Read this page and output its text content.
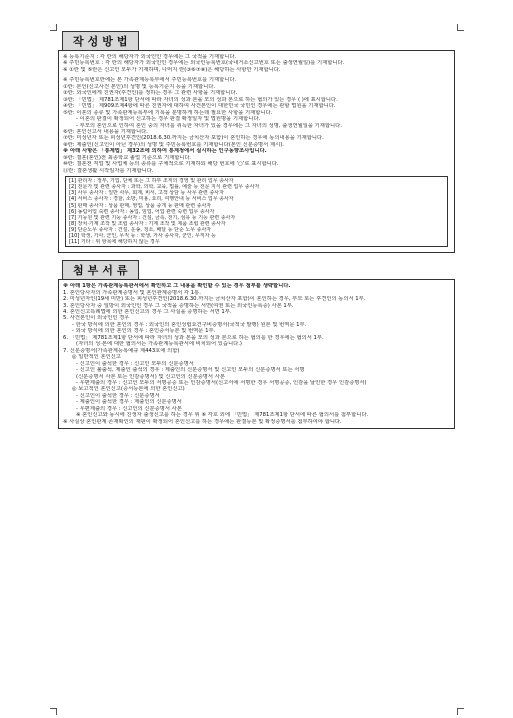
작성방법
※ 등록기준지 : 각 란의 해당자가 외국인인 경우에는 그 국적을 기재합니다.
※ 주민등록번호 : 각 란의 해당자가 외국인인 경우에는 외국인등록번호(국내거소신고번호 또는 출생연월일)를 기재합니다.
※ ①란 및 ⑤란은 신고인 모두가 기재하며, 나머지 란(③⑥⑦⑧)은 해당하는 사항만 기재합니다.
※ 주민등록번호란에는 본 가족관계등록부에서 주민등록번호를 기재합니다.
①란: 본인(신고사건 본인)의 성명 및 등록기준지 등을 기재합니다.
②란: 외국인에게 친권자(후견인)를 정하는 경우 그 관련 사항을 기재합니다.
③란: 「민법」 제781조제1항 단서에 따라 자녀의 성과 본을 모의 성과 본으로 하는 협의가 있는 경우 ( )에 표시합니다.
④란: 「민법」 제909조제4항에 따른 친권자에 대하여 사건본인이 대한민국 국민인 경우에는 관할 법원을 기재합니다.
⑤란: 이혼의 종류 및 가족관계등록부에 기록을 분명하게 하는데 필요한 사항을 기재합니다.
- 이혼의 판결이 확정되어 신고하는 경우 판결 확정일자 및 법원명을 기재합니다.
- 부모의 혼인으로 인하여 혼인 중의 자녀를 취득한 자녀가 있을 경우에는 그 자녀의 성명, 출생연월일을 기재합니다.
⑥란: 혼인신고서 내용을 기재합니다.
⑦란: 미성년자 또는 피성년후견인(2018.6.30.까지는 금치산자 포함)이 혼인하는 경우에 동의내용을 기재합니다.
⑧란: 제출인(신고인이 아닌 경우)의 성명 및 주민등록번호를 기재합니다(본인 신분증명서 제시).
※ 아래 사항은 「통계법」 제32조에 의하여 통계청에서 실시하는 인구동향조사입니다.
⑨란: 결혼(혼인)전 최종학교 졸업 기준으로 기재합니다.
⑩란: 결혼전 직업 및 사업체 등의 종류를 구체적으로 기재하되 해당 번호에 ‘○’로 표시합니다.
⑪란: 결혼생활 시작일자를 기재합니다.
[1] 관리자 : 정부, 기업, 단체 또는 그 하부 조직의 경영 및 관리 업무 종사자
[2] 전문가 및 관련 종사자 : 과학, 의학, 교육, 법률, 예술 등 전문 지식 관련 업무 종사자
[3] 사무 종사자 : 일반 사무, 회계, 비서, 고객 상담 등 사무 관련 종사자
[4] 서비스 종사자 : 경찰, 소방, 미용, 요리, 여행안내 등 서비스 업무 종사자
[5] 판매 종사자 : 상품 판매, 영업, 상품 중개 등 판매 관련 종사자
[6] 농림어업 숙련 종사자 : 농업, 임업, 어업 관련 숙련 업무 종사자
[7] 기능원 및 관련 기능 종사자 : 건설, 금속, 전기, 섬유 등 기능 관련 종사자
[8] 장치·기계 조작 및 조립 종사자 : 기계 조작 및 제품 조립 관련 종사자
[9] 단순노무 종사자 : 건설, 운송, 청소, 배달 등 단순 노무 종사자
[10] 학생, 가사, 군인, 무직 등 : 학생, 가사 종사자, 군인, 무직자 등
[11] 기타 : 위 항목에 해당하지 않는 경우
첨부서류
※ 아래 1항은 가족관계등록관서에서 확인하고 그 내용을 확인할 수 있는 경우 첨부를 생략합니다.
1. 혼인당사자의 가족관계증명서 및 혼인관계증명서 각 1통.
2. 미성년자인(19세 미만) 또는 피성년후견인(2018.6.30.까지는 금치산자 포함)이 혼인하는 경우, 부모 또는 후견인의 동의서 1부.
3. 혼인당사자 중 일방이 외국인인 경우 그 국적을 증명하는 서면(여권 또는 외국인등록증) 사본 1부.
4. 혼인신고특례법에 의한 혼인신고의 경우 그 사실을 증명하는 서면 1부.
5. 사건본인이 외국인인 경우
- 한국 방식에 의한 혼인의 경우 : 외국인의 혼인성립요건구비증명서(국적국 발행) 원본 및 번역문 1부.
- 외국 방식에 의한 혼인의 경우 : 혼인증서등본 및 번역문 1부.
6. 「민법」 제781조제1항 단서에 따라 자녀의 성과 본을 모의 성과 본으로 하는 협의를 한 경우에는 협의서 1부.
(자녀의 성·본에 대한 협의서는 가족관계등록관서에 비치되어 있습니다.)
7. 신분증명서(가족관계등록예규 제443호에 의함)
◎ 일반적인 혼인신고
- 신고인이 출석한 경우 : 신고인 모두의 신분증명서
- 신고인 불출석, 제출인 출석의 경우 : 제출인의 신분증명서 및 신고인 모두의 신분증명서 또는 서명
(신분증명서 사본 또는 인감증명서) 및 신고인의 신분증명서 사본
- 우편제출의 경우 : 신고인 모두의 서명공증 또는 인감증명서(신고서에 서명한 경우 서명공증, 인감을 날인한 경우 인감증명서)
◎ 보고적인 혼인신고(증서등본에 의한 혼인신고)
- 신고인이 출석한 경우 : 신분증명서
- 제출인이 출석한 경우 : 제출인의 신분증명서
- 우편제출의 경우 : 신고인의 신분증명서 사본
※ 혼인신고와 동시에 친생자 출생신고를 하는 경우 위 ⑥ 각호 외에 「민법」 제781조제1항 단서에 따른 협의서를 첨부합니다.
※ 사실상 혼인관계 존재확인의 재판이 확정되어 혼인신고를 하는 경우에는 판결등본 및 확정증명서를 첨부하여야 합니다.
